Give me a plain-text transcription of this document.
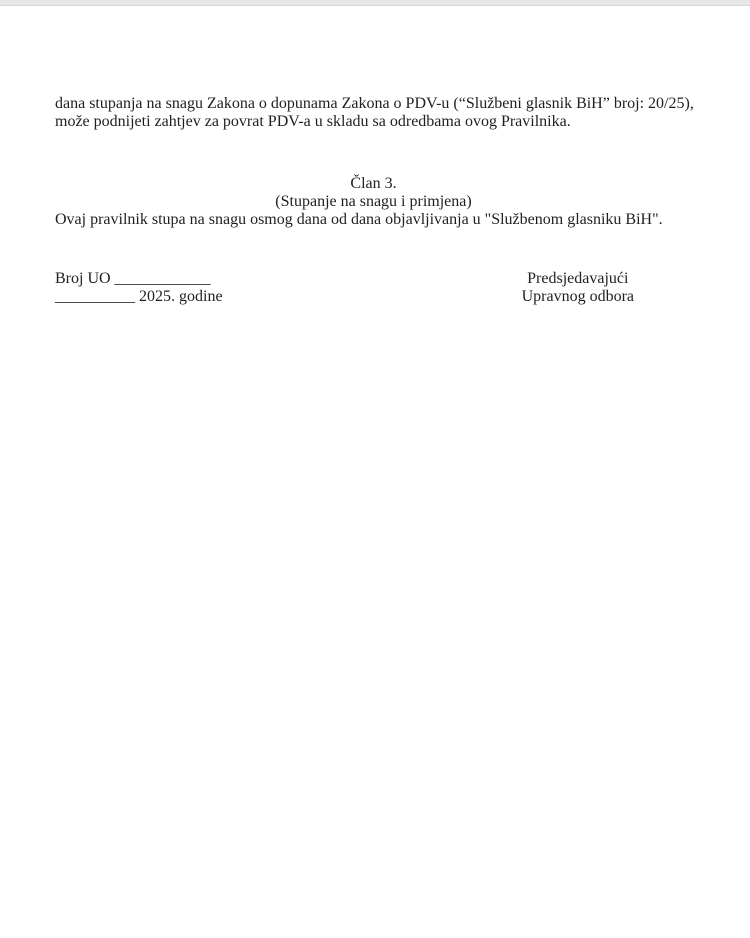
dana stupanja na snagu Zakona o dopunama Zakona o PDV-u (“Službeni glasnik BiH” broj: 20/25),

može podnijeti zahtjev za povrat PDV-a u skladu sa odredbama ovog Pravilnika.

Član 3.

(Stupanje na snagu i primjena)

Ovaj pravilnik stupa na snagu osmog dana od dana objavljivanja u "Službenom glasniku BiH".

Broj UO ____________

__________ 2025. godine

Predsjedavajući

Upravnog odbora
